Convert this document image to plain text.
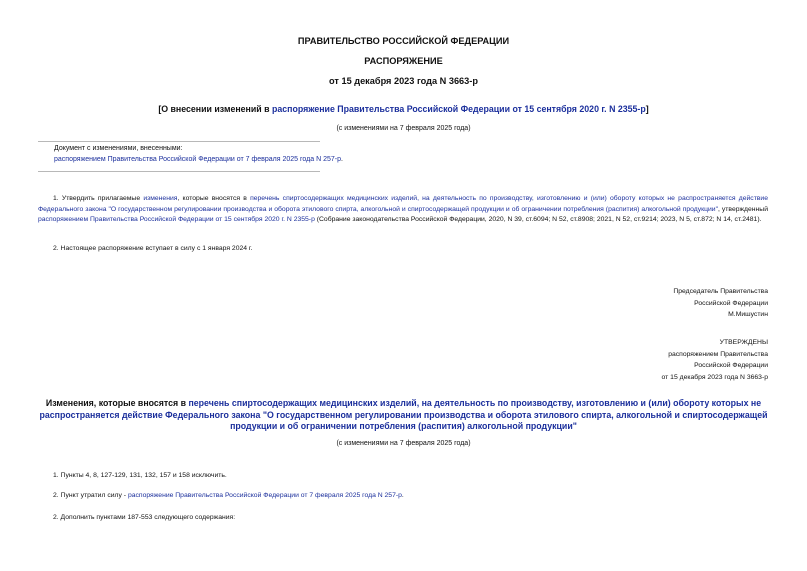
ПРАВИТЕЛЬСТВО РОССИЙСКОЙ ФЕДЕРАЦИИ
РАСПОРЯЖЕНИЕ
от 15 декабря 2023 года N 3663-р
[О внесении изменений в распоряжение Правительства Российской Федерации от 15 сентября 2020 г. N 2355-р]
(с изменениями на 7 февраля 2025 года)
Документ с изменениями, внесенными:
распоряжением Правительства Российской Федерации от 7 февраля 2025 года N 257-р.
1. Утвердить прилагаемые изменения, которые вносятся в перечень спиртосодержащих медицинских изделий, на деятельность по производству, изготовлению и (или) обороту которых не распространяется действие Федерального закона "О государственном регулировании производства и оборота этилового спирта, алкогольной и спиртосодержащей продукции и об ограничении потребления (распития) алкогольной продукции", утвержденный распоряжением Правительства Российской Федерации от 15 сентября 2020 г. N 2355-р (Собрание законодательства Российской Федерации, 2020, N 39, ст.6094; N 52, ст.8908; 2021, N 52, ст.9214; 2023, N 5, ст.872; N 14, ст.2481).
2. Настоящее распоряжение вступает в силу с 1 января 2024 г.
Председатель Правительства
Российской Федерации
М.Мишустин
УТВЕРЖДЕНЫ
распоряжением Правительства
Российской Федерации
от 15 декабря 2023 года N 3663-р
Изменения, которые вносятся в перечень спиртосодержащих медицинских изделий, на деятельность по производству, изготовлению и (или) обороту которых не распространяется действие Федерального закона "О государственном регулировании производства и оборота этилового спирта, алкогольной и спиртосодержащей продукции и об ограничении потребления (распития) алкогольной продукции"
(с изменениями на 7 февраля 2025 года)
1. Пункты 4, 8, 127-129, 131, 132, 157 и 158 исключить.
2. Пункт утратил силу - распоряжение Правительства Российской Федерации от 7 февраля 2025 года N 257-р.
2. Дополнить пунктами 187-553 следующего содержания:
